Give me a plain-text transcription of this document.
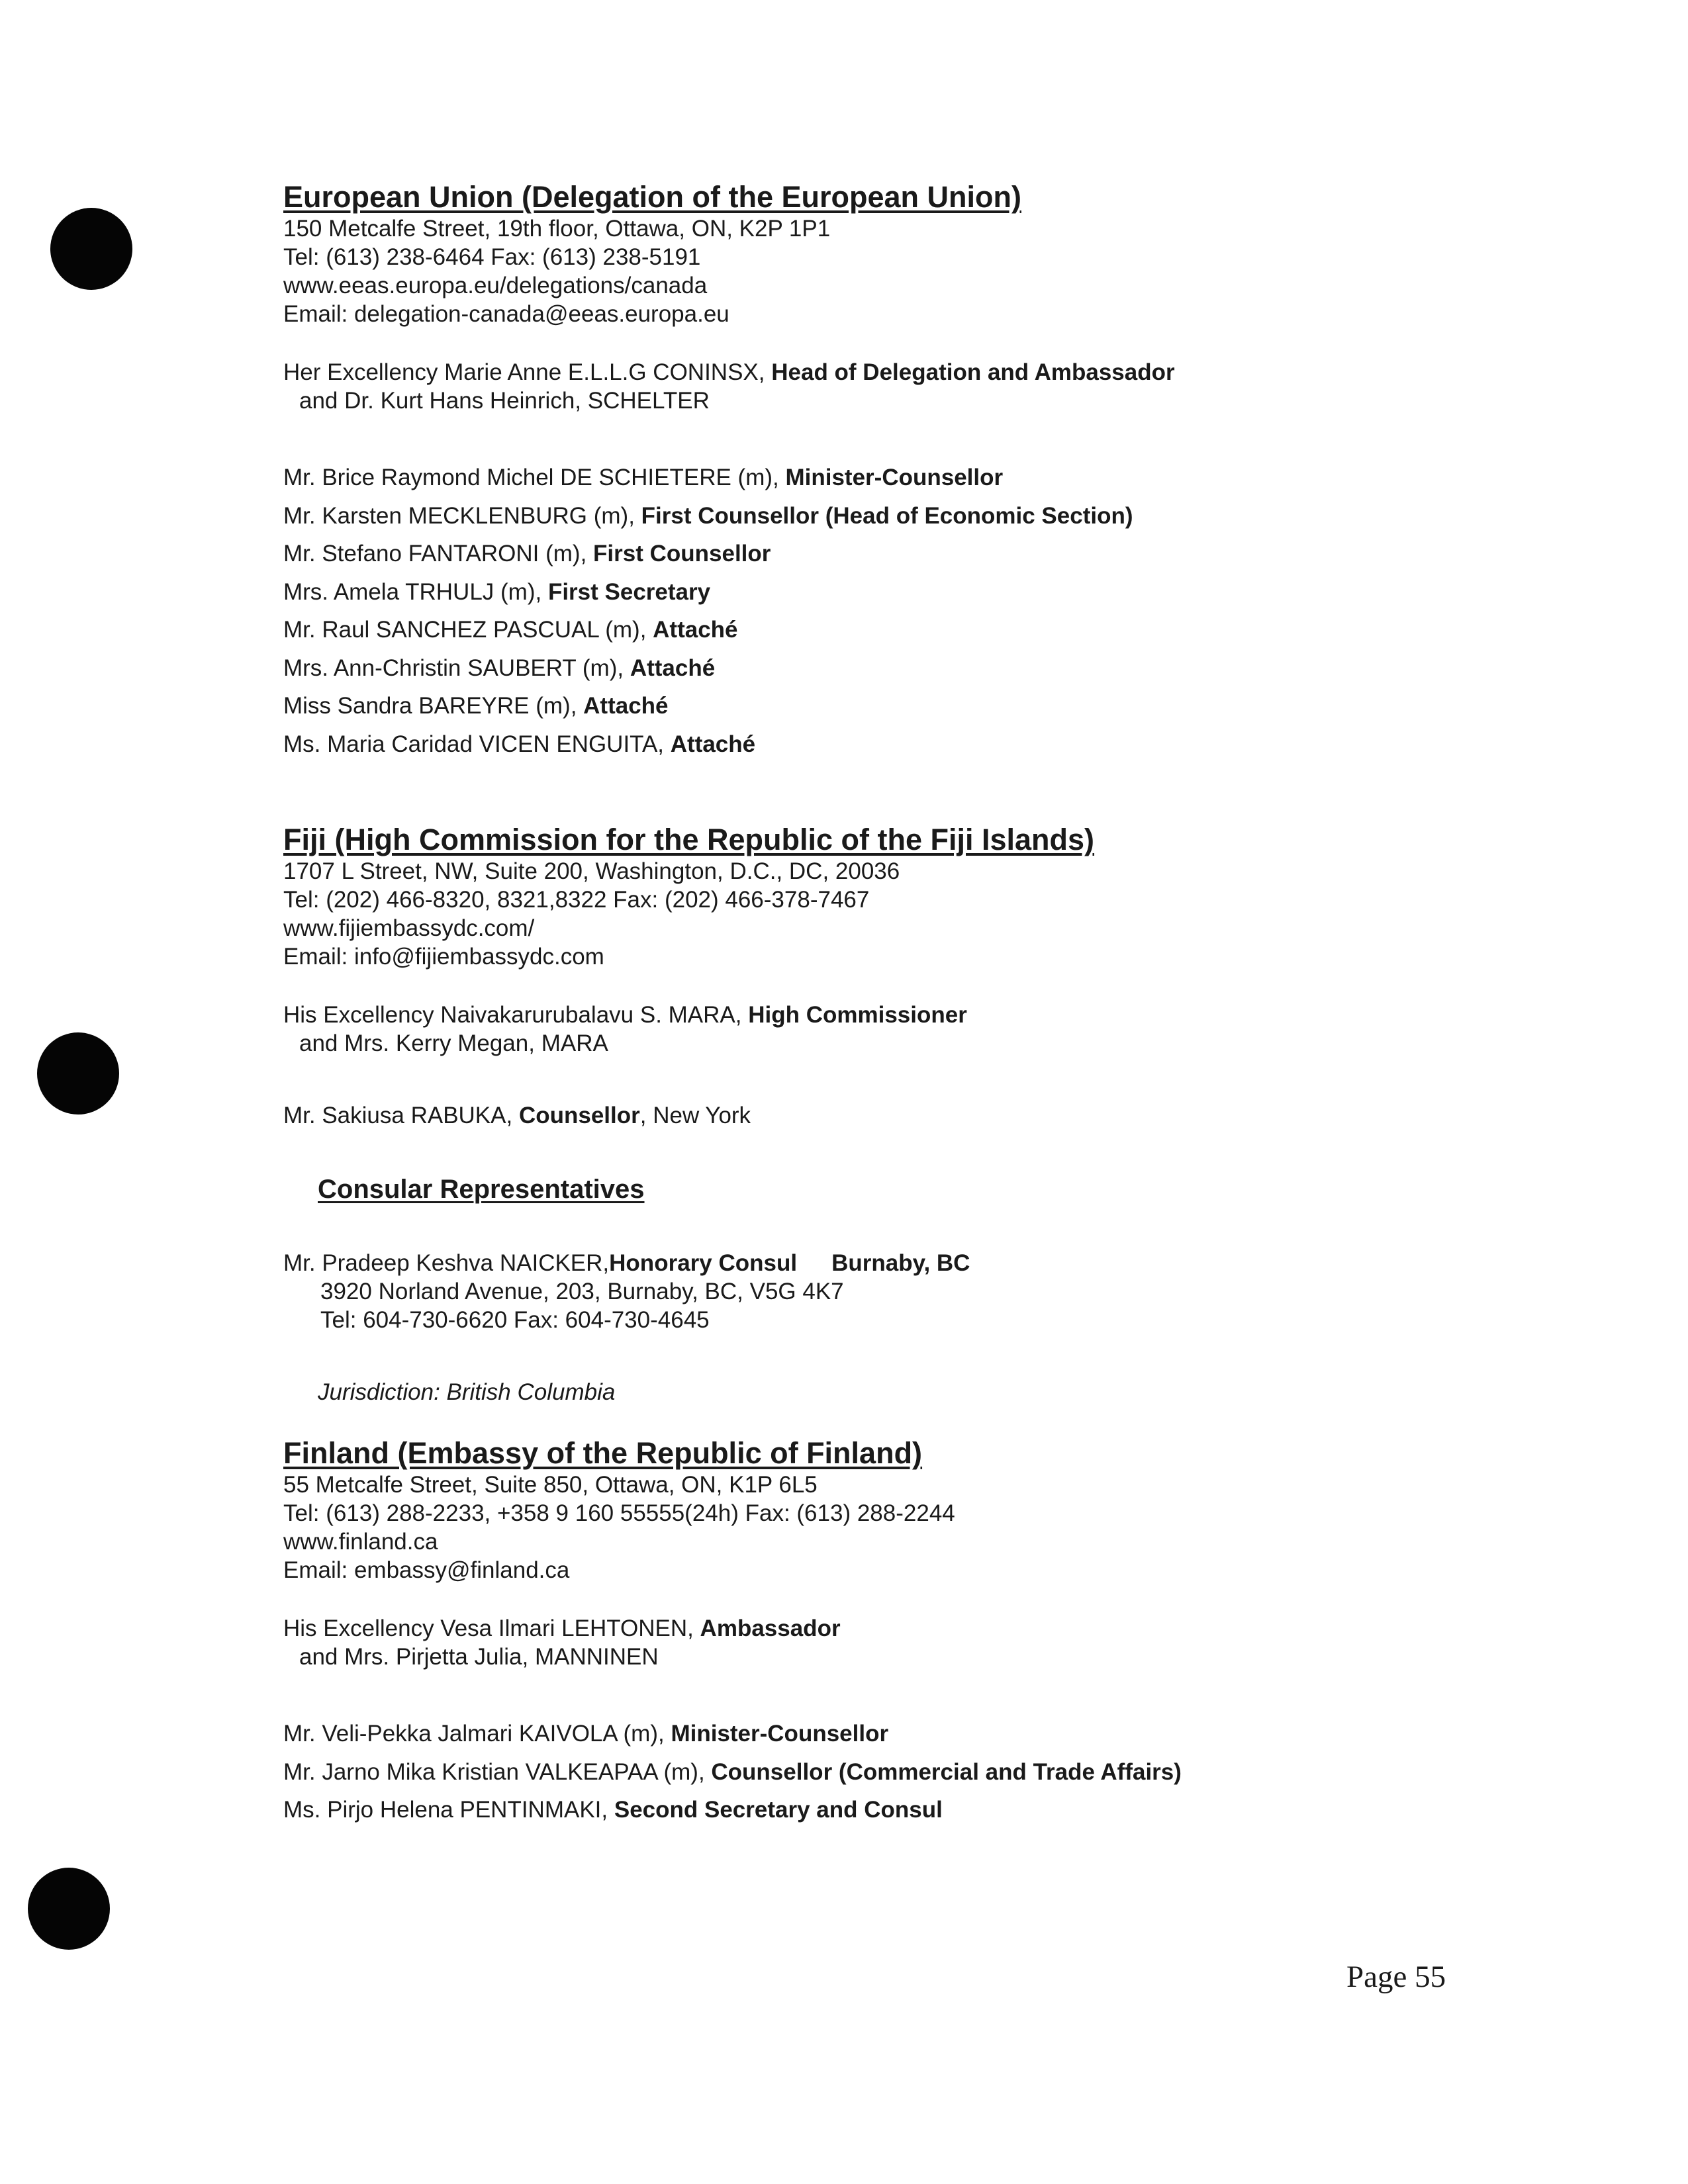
European Union (Delegation of the European Union)
150 Metcalfe Street, 19th floor, Ottawa, ON, K2P 1P1
Tel: (613) 238-6464 Fax: (613) 238-5191
www.eeas.europa.eu/delegations/canada
Email: delegation-canada@eeas.europa.eu
Her Excellency Marie Anne E.L.L.G CONINSX, Head of Delegation and Ambassador
and Dr. Kurt Hans Heinrich, SCHELTER
Mr. Brice Raymond Michel DE SCHIETERE (m), Minister-Counsellor
Mr. Karsten MECKLENBURG (m), First Counsellor (Head of Economic Section)
Mr. Stefano FANTARONI (m), First Counsellor
Mrs. Amela TRHULJ (m), First Secretary
Mr. Raul SANCHEZ PASCUAL (m), Attaché
Mrs. Ann-Christin SAUBERT (m), Attaché
Miss Sandra BAREYRE (m), Attaché
Ms. Maria Caridad VICEN ENGUITA, Attaché
Fiji (High Commission for the Republic of the Fiji Islands)
1707 L Street, NW, Suite 200, Washington, D.C., DC, 20036
Tel: (202) 466-8320, 8321,8322 Fax: (202) 466-378-7467
www.fijiembassydc.com/
Email: info@fijiembassydc.com
His Excellency Naivakarurubalavu S. MARA, High Commissioner
and Mrs. Kerry Megan, MARA
Mr. Sakiusa RABUKA, Counsellor, New York
Consular Representatives
Mr. Pradeep Keshva NAICKER, Honorary Consul Burnaby, BC
3920 Norland Avenue, 203, Burnaby, BC, V5G 4K7
Tel: 604-730-6620 Fax: 604-730-4645
Jurisdiction: British Columbia
Finland (Embassy of the Republic of Finland)
55 Metcalfe Street, Suite 850, Ottawa, ON, K1P 6L5
Tel: (613) 288-2233, +358 9 160 55555(24h) Fax: (613) 288-2244
www.finland.ca
Email: embassy@finland.ca
His Excellency Vesa Ilmari LEHTONEN, Ambassador
and Mrs. Pirjetta Julia, MANNINEN
Mr. Veli-Pekka Jalmari KAIVOLA (m), Minister-Counsellor
Mr. Jarno Mika Kristian VALKEAPAA (m), Counsellor (Commercial and Trade Affairs)
Ms. Pirjo Helena PENTINMAKI, Second Secretary and Consul
Page 55
